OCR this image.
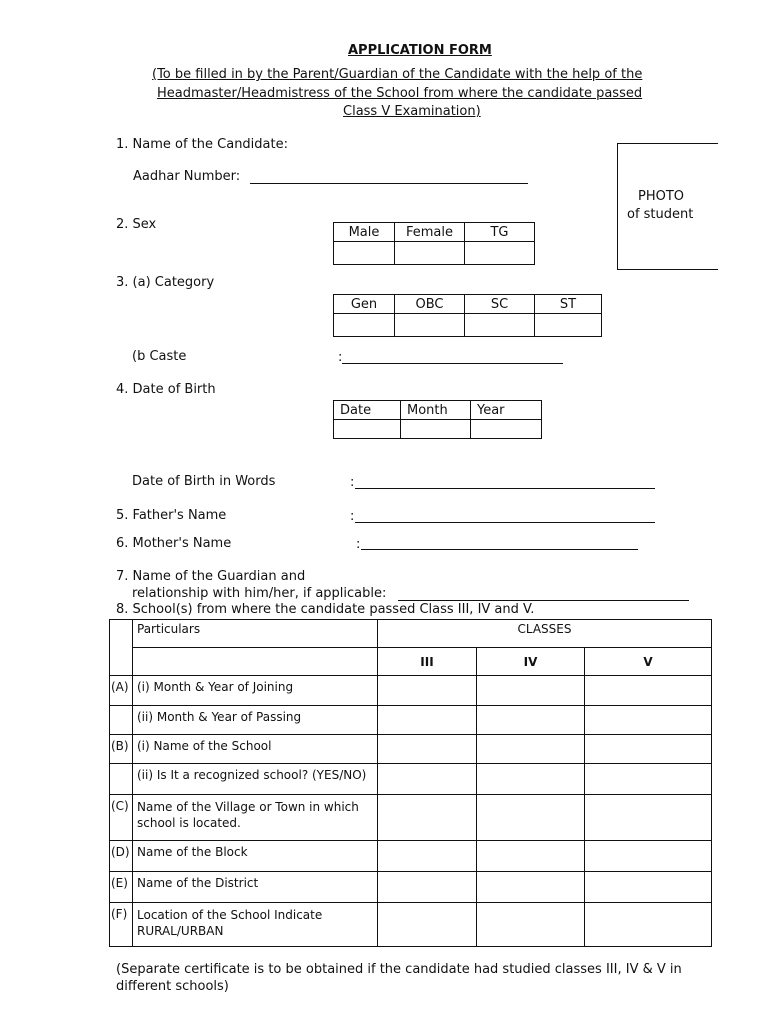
APPLICATION FORM
(To be filled in by the Parent/Guardian of the Candidate with the help of the
Headmaster/Headmistress of the School from where the candidate passed
Class V Examination)
PHOTO
of student
1. Name of the Candidate:
Aadhar Number:
2. Sex	Male	Female	TG

3. (a) Category
Gen	OBC	SC	ST

(b Caste	:
4. Date of Birth
Date	Month	Year

Date of Birth in Words	:
5. Father's Name	:
6. Mother's Name	:
7. Name of the Guardian and
relationship with him/her, if applicable:
8. School(s) from where the candidate passed Class III, IV and V.
	Particulars	CLASSES		
		III	IV	V
(A)	(i) Month & Year of Joining			
	(ii) Month & Year of Passing			
(B)	(i) Name of the School			
	(ii) Is It a recognized school? (YES/NO)			
(C)	Name of the Village or Town in which school is located.			
(D)	Name of the Block			
(E)	Name of the District			
(F)	Location of the School Indicate RURAL/URBAN			
(Separate certificate is to be obtained if the candidate had studied classes III, IV & V in
different schools)
